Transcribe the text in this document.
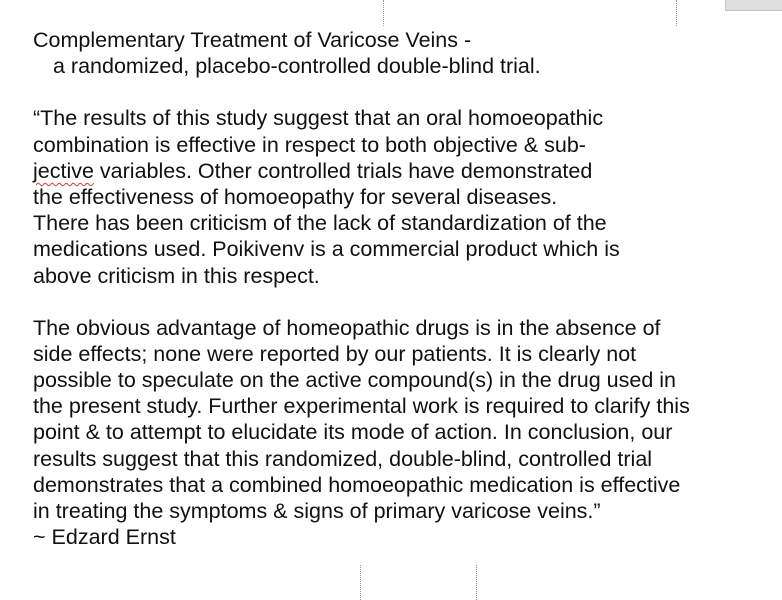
Complementary Treatment of Varicose Veins -
a randomized, placebo-controlled double-blind trial.
“The results of this study suggest that an oral homoeopathic
combination is effective in respect to both objective & sub-
jective variables. Other controlled trials have demonstrated
the effectiveness of homoeopathy for several diseases.
There has been criticism of the lack of standardization of the
medications used. Poikivenv is a commercial product which is
above criticism in this respect.
The obvious advantage of homeopathic drugs is in the absence of
side effects; none were reported by our patients. It is clearly not
possible to speculate on the active compound(s) in the drug used in
the present study. Further experimental work is required to clarify this
point & to attempt to elucidate its mode of action. In conclusion, our
results suggest that this randomized, double-blind, controlled trial
demonstrates that a combined homoeopathic medication is effective
in treating the symptoms & signs of primary varicose veins.”
~ Edzard Ernst
